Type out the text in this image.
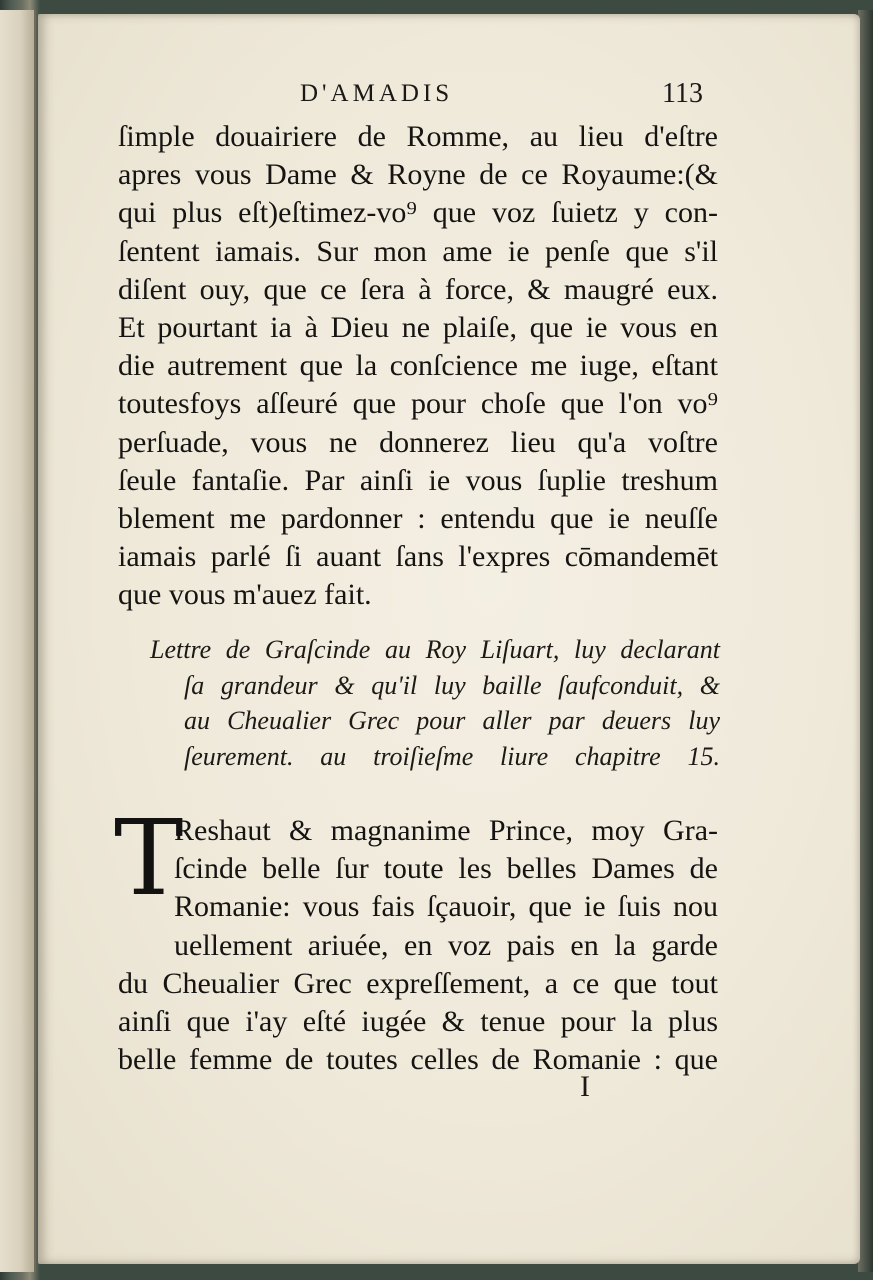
D'AMADIS	113
ſimple douairiere de Romme, au lieu d'eſtre
apres vous Dame & Royne de ce Royaume:(&
qui plus eſt)eſtimez-vo⁹ que voz ſuietz y con-
ſentent iamais. Sur mon ame ie penſe que s'il
diſent ouy, que ce ſera à force, & maugré eux.
Et pourtant ia à Dieu ne plaiſe, que ie vous en
die autrement que la conſcience me iuge, eſtant
toutesfoys aſſeuré que pour choſe que l'on vo⁹
perſuade, vous ne donnerez lieu qu'a voſtre
ſeule fantaſie. Par ainſi ie vous ſuplie treshum
blement me pardonner : entendu que ie neuſſe
iamais parlé ſi auant ſans l'expres cōmandemēt
que vous m'auez fait.
Lettre de Graſcinde au Roy Liſuart, luy declarant
ſa grandeur & qu'il luy baille ſaufconduit, &
au Cheualier Grec pour aller par deuers luy
ſeurement. au troiſieſme liure chapitre 15.
T
Reshaut & magnanime Prince, moy Gra-
ſcinde belle ſur toute les belles Dames de
Romanie: vous fais ſçauoir, que ie ſuis nou
uellement ariuée, en voz pais en la garde
du Cheualier Grec expreſſement, a ce que tout
ainſi que i'ay eſté iugée & tenue pour la plus
belle femme de toutes celles de Romanie : que
I
